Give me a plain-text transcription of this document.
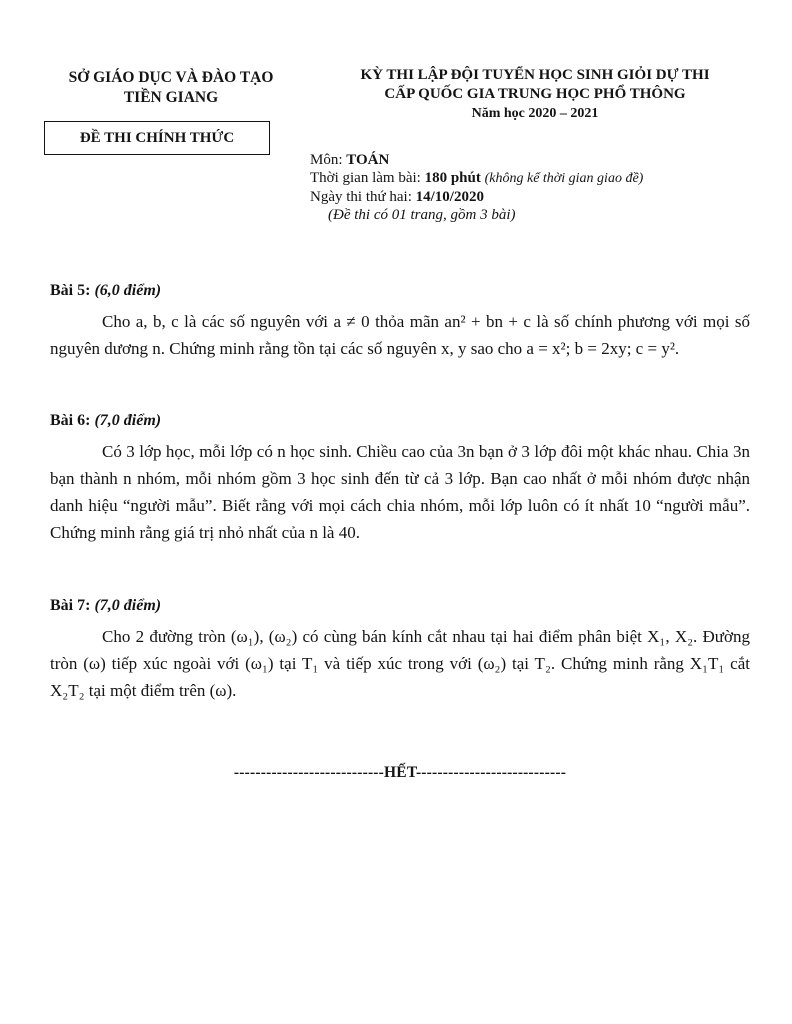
SỞ GIÁO DỤC VÀ ĐÀO TẠO
TIỀN GIANG
ĐỀ THI CHÍNH THỨC
KỲ THI LẬP ĐỘI TUYỂN HỌC SINH GIỎI DỰ THI
CẤP QUỐC GIA TRUNG HỌC PHỔ THÔNG
Năm học 2020 – 2021
Môn: TOÁN
Thời gian làm bài: 180 phút (không kể thời gian giao đề)
Ngày thi thứ hai: 14/10/2020
(Đề thi có 01 trang, gồm 3 bài)
Bài 5: (6,0 điểm)

Cho a, b, c là các số nguyên với a ≠ 0 thỏa mãn an² + bn + c là số chính phương với mọi số nguyên dương n. Chứng minh rằng tồn tại các số nguyên x, y sao cho a = x²; b = 2xy; c = y².

Bài 6: (7,0 điểm)

Có 3 lớp học, mỗi lớp có n học sinh. Chiều cao của 3n bạn ở 3 lớp đôi một khác nhau. Chia 3n bạn thành n nhóm, mỗi nhóm gồm 3 học sinh đến từ cả 3 lớp. Bạn cao nhất ở mỗi nhóm được nhận danh hiệu “người mẫu”. Biết rằng với mọi cách chia nhóm, mỗi lớp luôn có ít nhất 10 “người mẫu”. Chứng minh rằng giá trị nhỏ nhất của n là 40.

Bài 7: (7,0 điểm)

Cho 2 đường tròn (ω₁), (ω₂) có cùng bán kính cắt nhau tại hai điểm phân biệt X₁, X₂. Đường tròn (ω) tiếp xúc ngoài với (ω₁) tại T₁ và tiếp xúc trong với (ω₂) tại T₂. Chứng minh rằng X₁T₁ cắt X₂T₂ tại một điểm trên (ω).

----------------------------HẾT----------------------------
